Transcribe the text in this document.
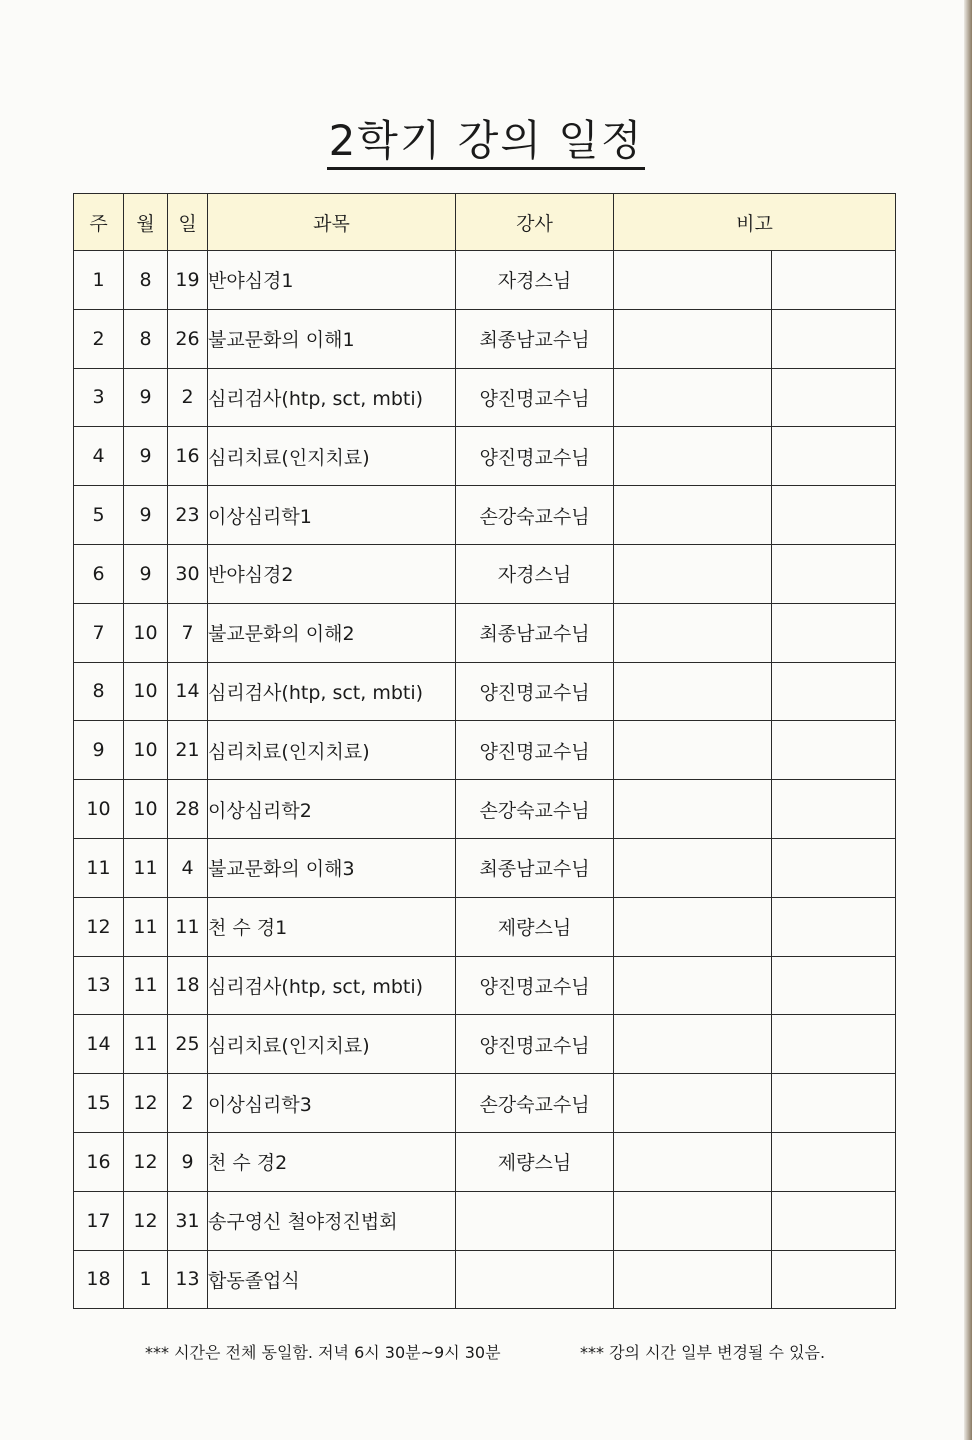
2학기 강의 일정
주	월	일	과목	강사	비고	
1	8	19	반야심경1	자경스님		
2	8	26	불교문화의 이해1	최종남교수님		
3	9	2	심리검사(htp, sct, mbti)	양진명교수님		
4	9	16	심리치료(인지치료)	양진명교수님		
5	9	23	이상심리학1	손강숙교수님		
6	9	30	반야심경2	자경스님		
7	10	7	불교문화의 이해2	최종남교수님		
8	10	14	심리검사(htp, sct, mbti)	양진명교수님		
9	10	21	심리치료(인지치료)	양진명교수님		
10	10	28	이상심리학2	손강숙교수님		
11	11	4	불교문화의 이해3	최종남교수님		
12	11	11	천 수 경1	제량스님		
13	11	18	심리검사(htp, sct, mbti)	양진명교수님		
14	11	25	심리치료(인지치료)	양진명교수님		
15	12	2	이상심리학3	손강숙교수님		
16	12	9	천 수 경2	제량스님		
17	12	31	송구영신 철야정진법회			
18	1	13	합동졸업식			
*** 시간은 전체 동일함. 저녁 6시 30분~9시 30분	*** 강의 시간 일부 변경될 수 있음.
